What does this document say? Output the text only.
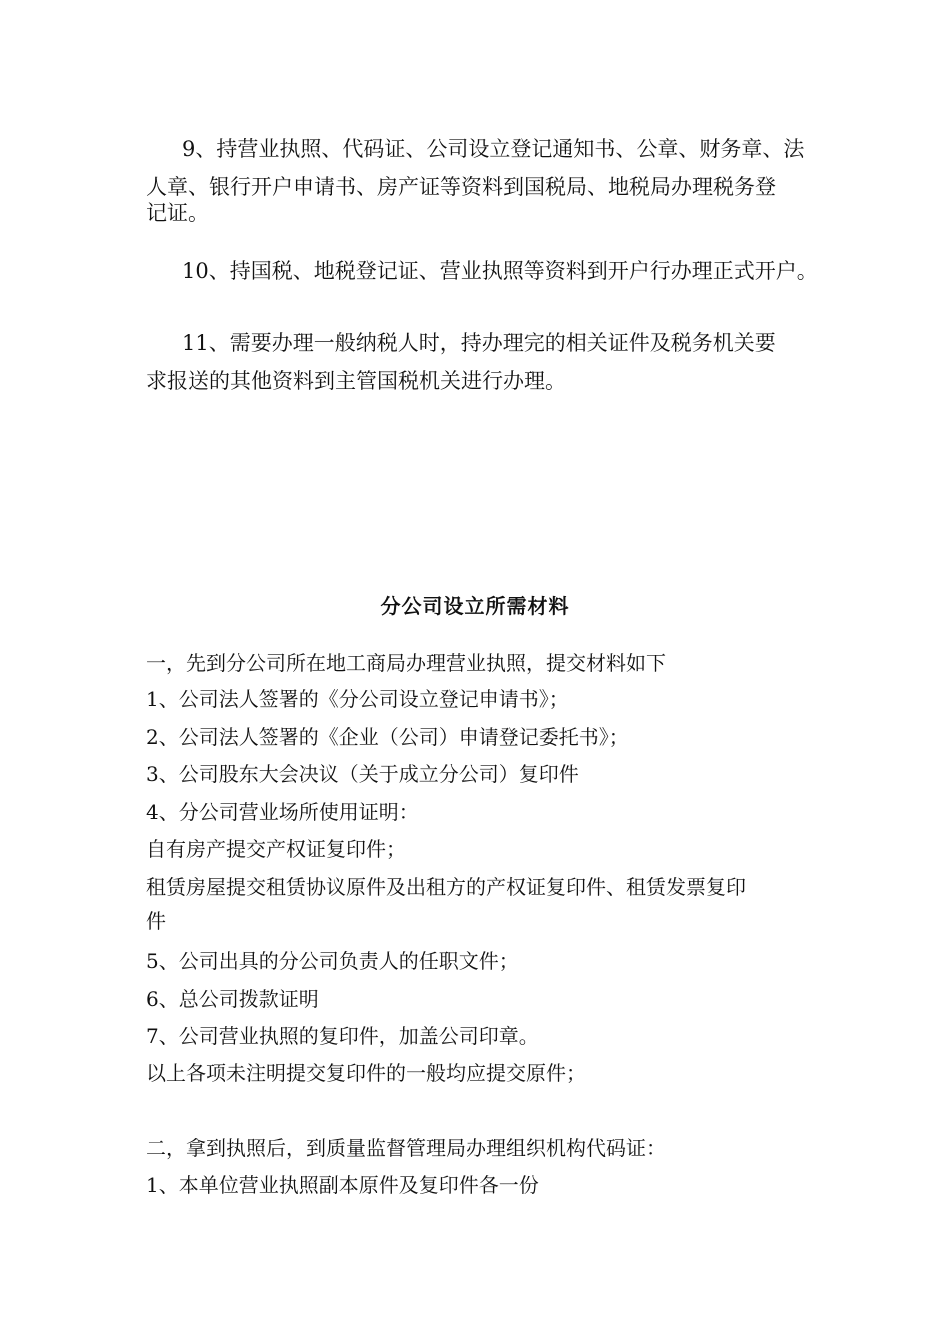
9、持营业执照、代码证、公司设立登记通知书、公章、财务章、法

人章、银行开户申请书、房产证等资料到国税局、地税局办理税务登

记证。

10、持国税、地税登记证、营业执照等资料到开户行办理正式开户。

11、需要办理一般纳税人时，持办理完的相关证件及税务机关要

求报送的其他资料到主管国税机关进行办理。

分公司设立所需材料

一，先到分公司所在地工商局办理营业执照，提交材料如下

1、公司法人签署的《分公司设立登记申请书》；

2、公司法人签署的《企业（公司）申请登记委托书》；

3、公司股东大会决议（关于成立分公司）复印件

4、分公司营业场所使用证明：

自有房产提交产权证复印件；

租赁房屋提交租赁协议原件及出租方的产权证复印件、租赁发票复印

件

5、公司出具的分公司负责人的任职文件；

6、总公司拨款证明

7、公司营业执照的复印件，加盖公司印章。

以上各项未注明提交复印件的一般均应提交原件；

二，拿到执照后，到质量监督管理局办理组织机构代码证：

1、本单位营业执照副本原件及复印件各一份
